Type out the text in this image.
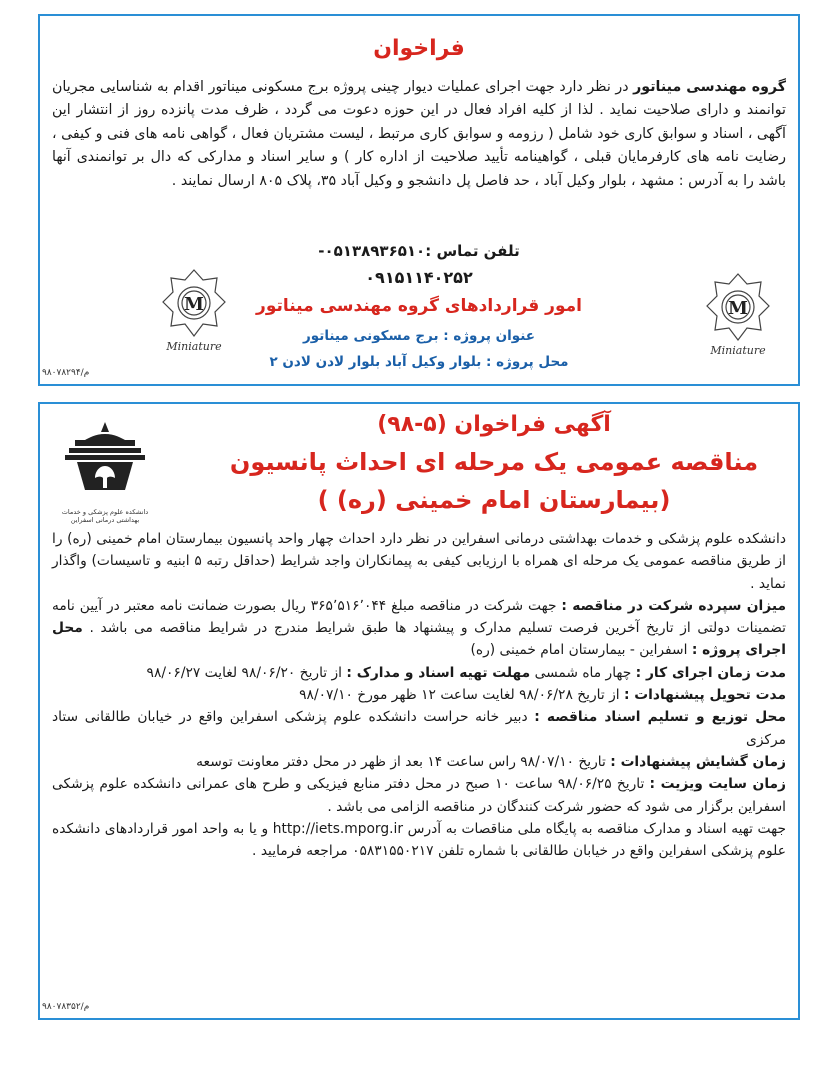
فراخوان
گروه مهندسی میناتور در نظر دارد جهت اجرای عملیات دیوار چینی پروژه برج مسکونی میناتور اقدام به شناسایی مجریان توانمند و دارای صلاحیت نماید . لذا از کلیه افراد فعال در این حوزه دعوت می گردد ، ظرف مدت پانزده روز از انتشار این آگهی ، اسناد و سوابق کاری خود شامل ( رزومه و سوابق کاری مرتبط ، لیست مشتریان فعال ، گواهی نامه های فنی و کیفی ، رضایت نامه های کارفرمایان قبلی ، گواهینامه تأیید صلاحیت از اداره کار ) و سایر اسناد و مدارکی که دال بر توانمندی آنها باشد را به آدرس : مشهد ، بلوار وکیل آباد ، حد فاصل پل دانشجو و وکیل آباد ۳۵، پلاک ۸۰۵ ارسال نمایند .
تلفن تماس :۰۵۱۳۸۹۳۶۵۱۰-
۰۹۱۵۱۱۴۰۲۵۲
امور قراردادهای گروه مهندسی میناتور
عنوان پروژه : برج مسکونی میناتور
محل پروژه : بلوار وکیل آباد بلوار لادن لادن ۲
M
Miniature
M
Miniature
۹۸۰۷۸۲۹۴/م
آگهی فراخوان (۵-۹۸)
مناقصه عمومی یک مرحله ای احداث پانسیون
(بیمارستان امام خمینی (ره) )
دانشکده علوم پزشکی و خدمات بهداشتی درمانی اسفراین
دانشکده علوم پزشکی و خدمات بهداشتی درمانی اسفراین در نظر دارد احداث چهار واحد پانسیون بیمارستان امام خمینی (ره) را از طریق مناقصه عمومی یک مرحله ای همراه با ارزیابی کیفی به پیمانکاران واجد شرایط (حداقل رتبه ۵ ابنیه و تاسیسات) واگذار نماید .
میزان سپرده شرکت در مناقصه : جهت شرکت در مناقصه مبلغ ۳۶۵٬۵۱۶٬۰۴۴ ریال بصورت ضمانت نامه معتبر در آیین نامه تضمینات دولتی از تاریخ آخرین فرصت تسلیم مدارک و پیشنهاد ها طبق شرایط مندرج در شرایط مناقصه می باشد . محل اجرای پروژه : اسفراین - بیمارستان امام خمینی (ره)
مدت زمان اجرای کار : چهار ماه شمسی مهلت تهیه اسناد و مدارک : از تاریخ ۹۸/۰۶/۲۰ لغایت ۹۸/۰۶/۲۷
مدت تحویل پیشنهادات : از تاریخ ۹۸/۰۶/۲۸ لغایت ساعت ۱۲ ظهر مورخ ۹۸/۰۷/۱۰
محل توزیع و تسلیم اسناد مناقصه : دبیر خانه حراست دانشکده علوم پزشکی اسفراین واقع در خیابان طالقانی ستاد مرکزی
زمان گشایش پیشنهادات : تاریخ ۹۸/۰۷/۱۰ راس ساعت ۱۴ بعد از ظهر در محل دفتر معاونت توسعه
زمان سایت ویزیت : تاریخ ۹۸/۰۶/۲۵ ساعت ۱۰ صبح در محل دفتر منابع فیزیکی و طرح های عمرانی دانشکده علوم پزشکی اسفراین برگزار می شود که حضور شرکت کنندگان در مناقصه الزامی می باشد .
جهت تهیه اسناد و مدارک مناقصه به پایگاه ملی مناقصات به آدرس http://iets.mporg.ir و یا به واحد امور قراردادهای دانشکده علوم پزشکی اسفراین واقع در خیابان طالقانی با شماره تلفن ۰۵۸۳۱۵۵۰۲۱۷ مراجعه فرمایید .
۹۸۰۷۸۳۵۲/م
